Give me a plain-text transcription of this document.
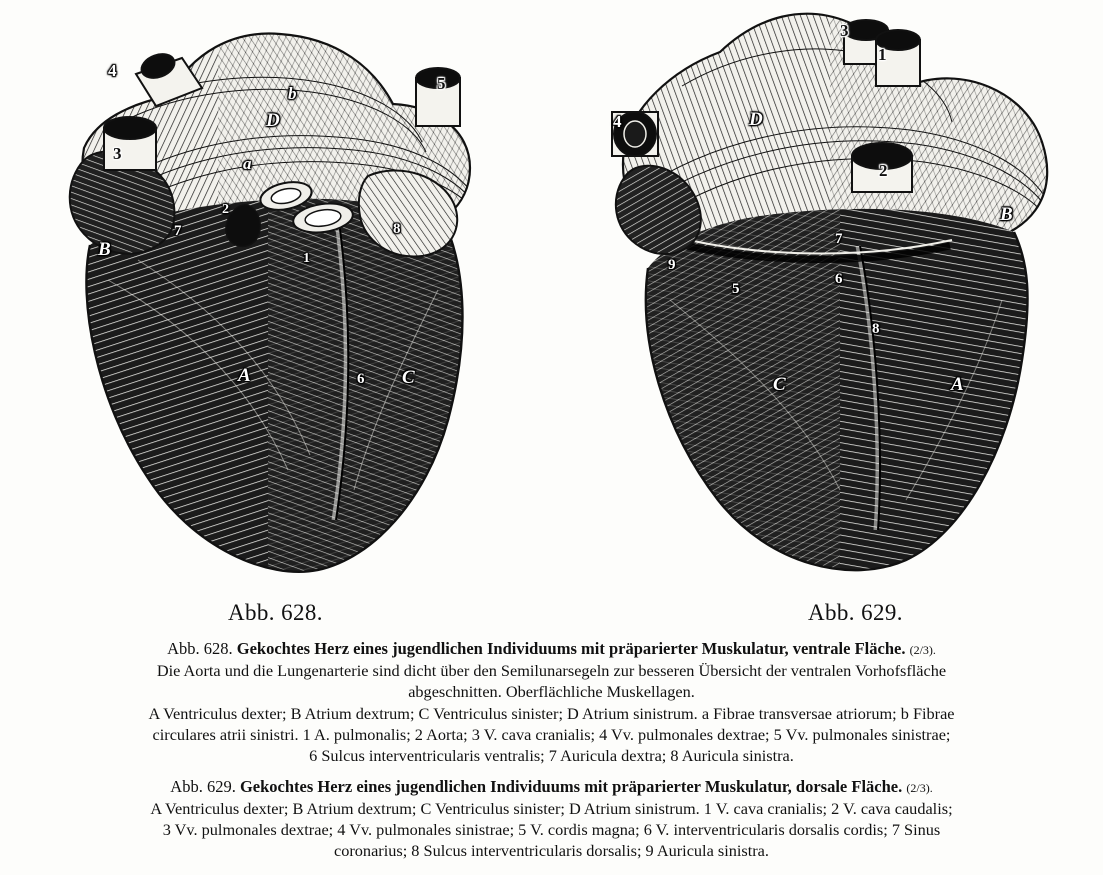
4
3
5
b
D
a
2
1
7	8
B
A	6 C
3
1
4	D
2
B
7
9
6
5
8
C	A
Abb. 628.	Abb. 629.
Abb. 628. Gekochtes Herz eines jugendlichen Individuums mit präparierter Muskulatur, ventrale Fläche. (2/3).
Die Aorta und die Lungenarterie sind dicht über den Semilunarsegeln zur besseren Übersicht der ventralen Vorhofsfläche
abgeschnitten. Oberflächliche Muskellagen.
A Ventriculus dexter; B Atrium dextrum; C Ventriculus sinister; D Atrium sinistrum. a Fibrae transversae atriorum; b Fibrae
circulares atrii sinistri. 1 A. pulmonalis; 2 Aorta; 3 V. cava cranialis; 4 Vv. pulmonales dextrae; 5 Vv. pulmonales sinistrae;
6 Sulcus interventricularis ventralis; 7 Auricula dextra; 8 Auricula sinistra.
Abb. 629. Gekochtes Herz eines jugendlichen Individuums mit präparierter Muskulatur, dorsale Fläche. (2/3).
A Ventriculus dexter; B Atrium dextrum; C Ventriculus sinister; D Atrium sinistrum. 1 V. cava cranialis; 2 V. cava caudalis;
3 Vv. pulmonales dextrae; 4 Vv. pulmonales sinistrae; 5 V. cordis magna; 6 V. interventricularis dorsalis cordis; 7 Sinus
coronarius; 8 Sulcus interventricularis dorsalis; 9 Auricula sinistra.
